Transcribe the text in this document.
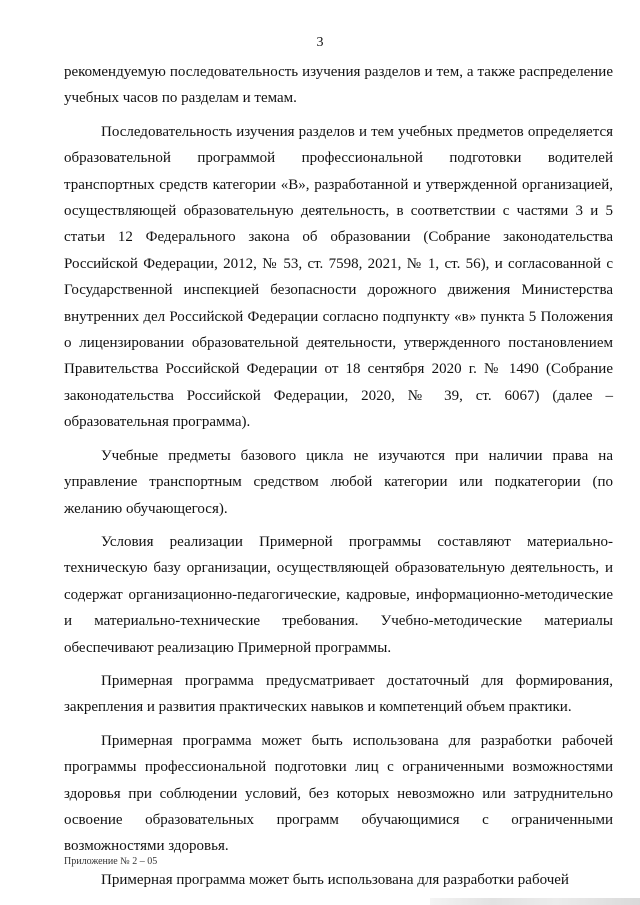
3

рекомендуемую последовательность изучения разделов и тем, а также распределение учебных часов по разделам и темам.

Последовательность изучения разделов и тем учебных предметов определяется образовательной программой профессиональной подготовки водителей транспортных средств категории «B», разработанной и утвержденной организацией, осуществляющей образовательную деятельность, в соответствии с частями 3 и 5 статьи 12 Федерального закона об образовании (Собрание законодательства Российской Федерации, 2012, № 53, ст. 7598, 2021, № 1, ст. 56), и согласованной с Государственной инспекцией безопасности дорожного движения Министерства внутренних дел Российской Федерации согласно подпункту «в» пункта 5 Положения о лицензировании образовательной деятельности, утвержденного постановлением Правительства Российской Федерации от 18 сентября 2020 г. № 1490 (Собрание законодательства Российской Федерации, 2020, № 39, ст. 6067) (далее – образовательная программа).

Учебные предметы базового цикла не изучаются при наличии права на управление транспортным средством любой категории или подкатегории (по желанию обучающегося).

Условия реализации Примерной программы составляют материально-техническую базу организации, осуществляющей образовательную деятельность, и содержат организационно-педагогические, кадровые, информационно-методические и материально-технические требования. Учебно-методические материалы обеспечивают реализацию Примерной программы.

Примерная программа предусматривает достаточный для формирования, закрепления и развития практических навыков и компетенций объем практики.

Примерная программа может быть использована для разработки рабочей программы профессиональной подготовки лиц с ограниченными возможностями здоровья при соблюдении условий, без которых невозможно или затруднительно освоение образовательных программ обучающимися с ограниченными возможностями здоровья.

Примерная программа может быть использована для разработки рабочей

Приложение № 2 – 05
